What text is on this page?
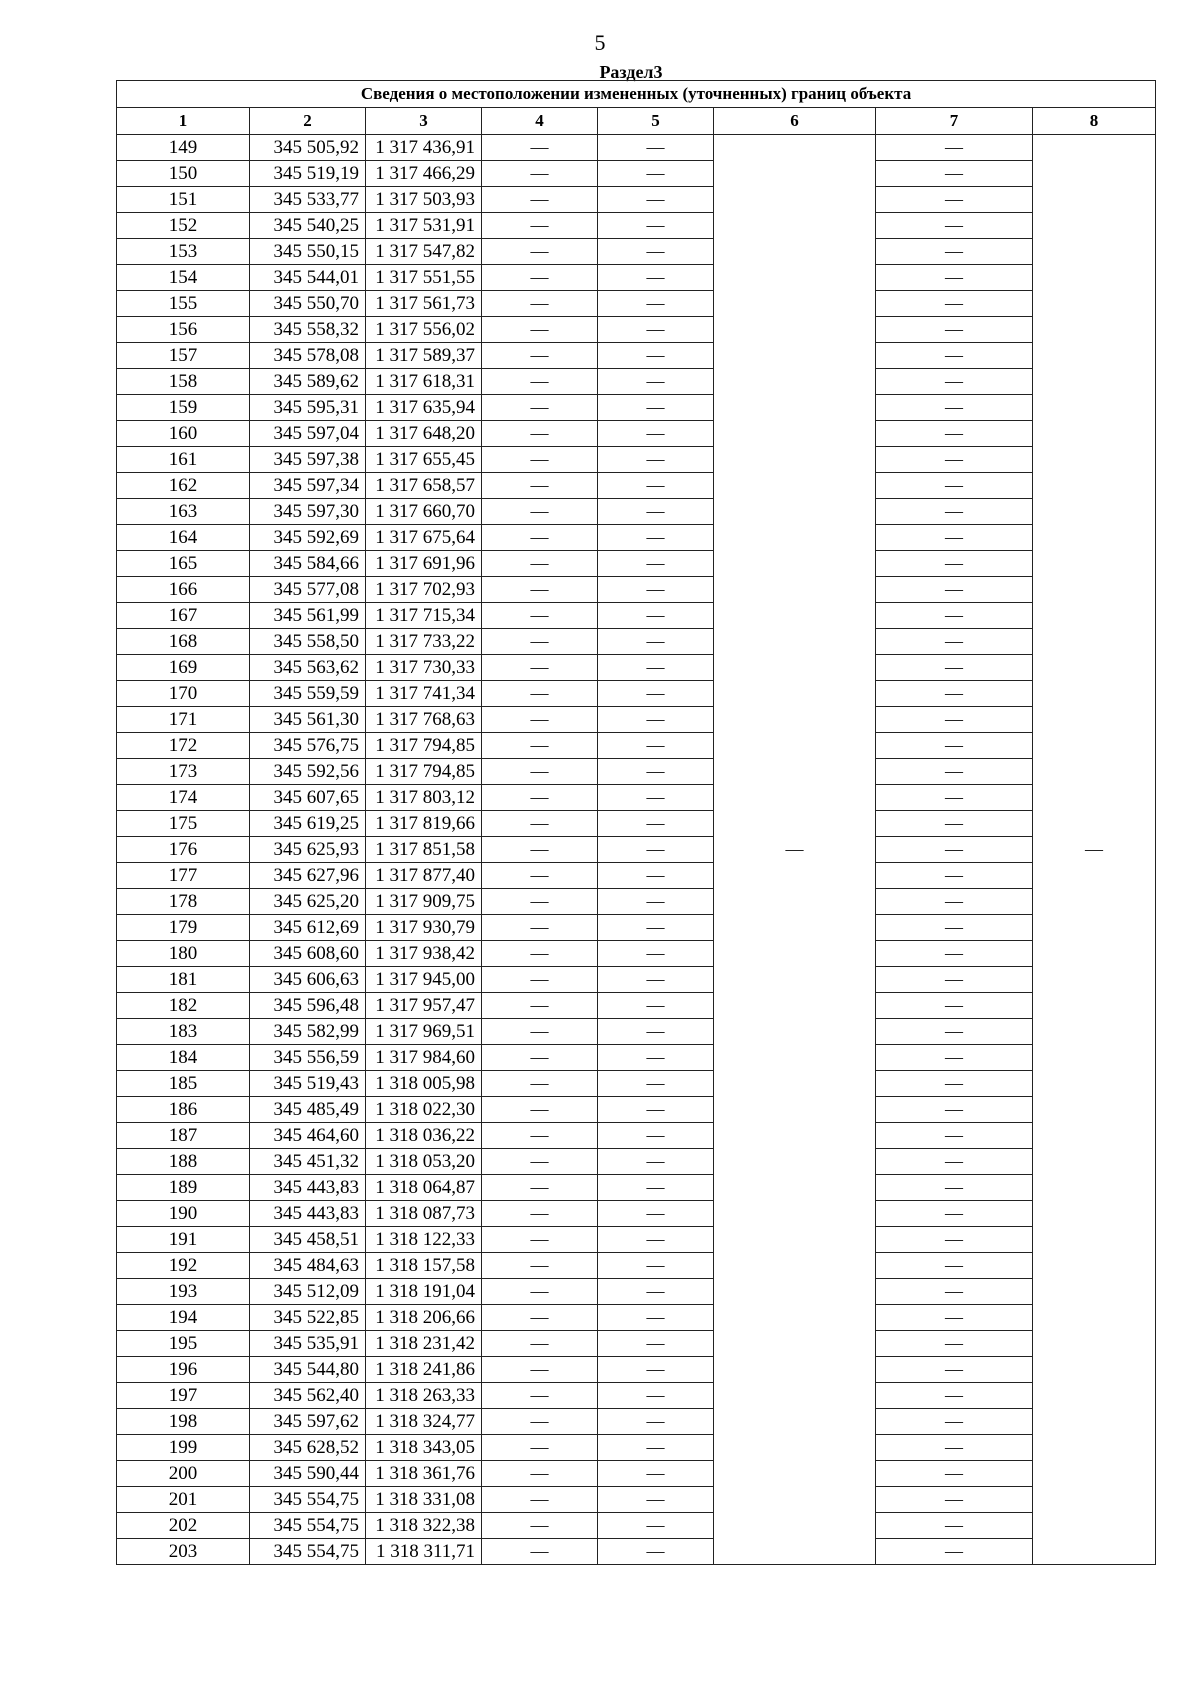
5
Раздел3
Сведения о местоположении измененных (уточненных) границ объекта							
1	2	3	4	5	6	7	8
149	345 505,92	1 317 436,91	—	—	—	—	—
150	345 519,19	1 317 466,29	—	—		—	
151	345 533,77	1 317 503,93	—	—		—	
152	345 540,25	1 317 531,91	—	—		—	
153	345 550,15	1 317 547,82	—	—		—	
154	345 544,01	1 317 551,55	—	—		—	
155	345 550,70	1 317 561,73	—	—		—	
156	345 558,32	1 317 556,02	—	—		—	
157	345 578,08	1 317 589,37	—	—		—	
158	345 589,62	1 317 618,31	—	—		—	
159	345 595,31	1 317 635,94	—	—		—	
160	345 597,04	1 317 648,20	—	—		—	
161	345 597,38	1 317 655,45	—	—		—	
162	345 597,34	1 317 658,57	—	—		—	
163	345 597,30	1 317 660,70	—	—		—	
164	345 592,69	1 317 675,64	—	—		—	
165	345 584,66	1 317 691,96	—	—		—	
166	345 577,08	1 317 702,93	—	—		—	
167	345 561,99	1 317 715,34	—	—		—	
168	345 558,50	1 317 733,22	—	—		—	
169	345 563,62	1 317 730,33	—	—		—	
170	345 559,59	1 317 741,34	—	—		—	
171	345 561,30	1 317 768,63	—	—		—	
172	345 576,75	1 317 794,85	—	—		—	
173	345 592,56	1 317 794,85	—	—		—	
174	345 607,65	1 317 803,12	—	—		—	
175	345 619,25	1 317 819,66	—	—		—	
176	345 625,93	1 317 851,58	—	—		—	
177	345 627,96	1 317 877,40	—	—		—	
178	345 625,20	1 317 909,75	—	—		—	
179	345 612,69	1 317 930,79	—	—		—	
180	345 608,60	1 317 938,42	—	—		—	
181	345 606,63	1 317 945,00	—	—		—	
182	345 596,48	1 317 957,47	—	—		—	
183	345 582,99	1 317 969,51	—	—		—	
184	345 556,59	1 317 984,60	—	—		—	
185	345 519,43	1 318 005,98	—	—		—	
186	345 485,49	1 318 022,30	—	—		—	
187	345 464,60	1 318 036,22	—	—		—	
188	345 451,32	1 318 053,20	—	—		—	
189	345 443,83	1 318 064,87	—	—		—	
190	345 443,83	1 318 087,73	—	—		—	
191	345 458,51	1 318 122,33	—	—		—	
192	345 484,63	1 318 157,58	—	—		—	
193	345 512,09	1 318 191,04	—	—		—	
194	345 522,85	1 318 206,66	—	—		—	
195	345 535,91	1 318 231,42	—	—		—	
196	345 544,80	1 318 241,86	—	—		—	
197	345 562,40	1 318 263,33	—	—		—	
198	345 597,62	1 318 324,77	—	—		—	
199	345 628,52	1 318 343,05	—	—		—	
200	345 590,44	1 318 361,76	—	—		—	
201	345 554,75	1 318 331,08	—	—		—	
202	345 554,75	1 318 322,38	—	—		—	
203	345 554,75	1 318 311,71	—	—		—	
